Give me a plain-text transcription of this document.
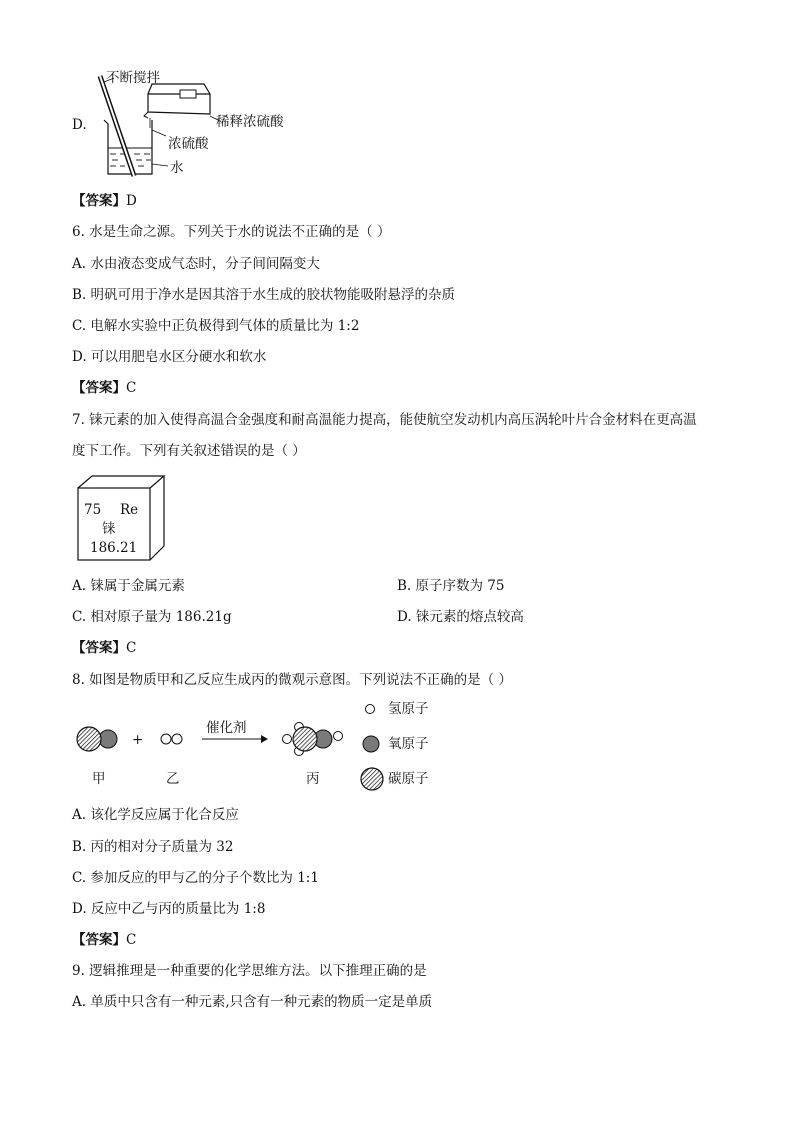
D.
不断搅拌
稀释浓硫酸
浓硫酸
水
【答案】D
6. 水是生命之源。下列关于水的说法不正确的是（ ）
A. 水由液态变成气态时，分子间间隔变大
B. 明矾可用于净水是因其溶于水生成的胶状物能吸附悬浮的杂质
C. 电解水实验中正负极得到气体的质量比为 1:2
D. 可以用肥皂水区分硬水和软水
【答案】C
7. 铼元素的加入使得高温合金强度和耐高温能力提高，能使航空发动机内高压涡轮叶片合金材料在更高温
度下工作。下列有关叙述错误的是（ ）
75 Re
铼
186.21
A. 铼属于金属元素	B. 原子序数为 75
C. 相对原子量为 186.21g	D. 铼元素的熔点较高
【答案】C
8. 如图是物质甲和乙反应生成丙的微观示意图。下列说法不正确的是（ ）
+
催化剂
甲	乙	丙
氢原子
氧原子
碳原子
A. 该化学反应属于化合反应
B. 丙的相对分子质量为 32
C. 参加反应的甲与乙的分子个数比为 1:1
D. 反应中乙与丙的质量比为 1:8
【答案】C
9. 逻辑推理是一种重要的化学思维方法。以下推理正确的是
A. 单质中只含有一种元素,只含有一种元素的物质一定是单质
